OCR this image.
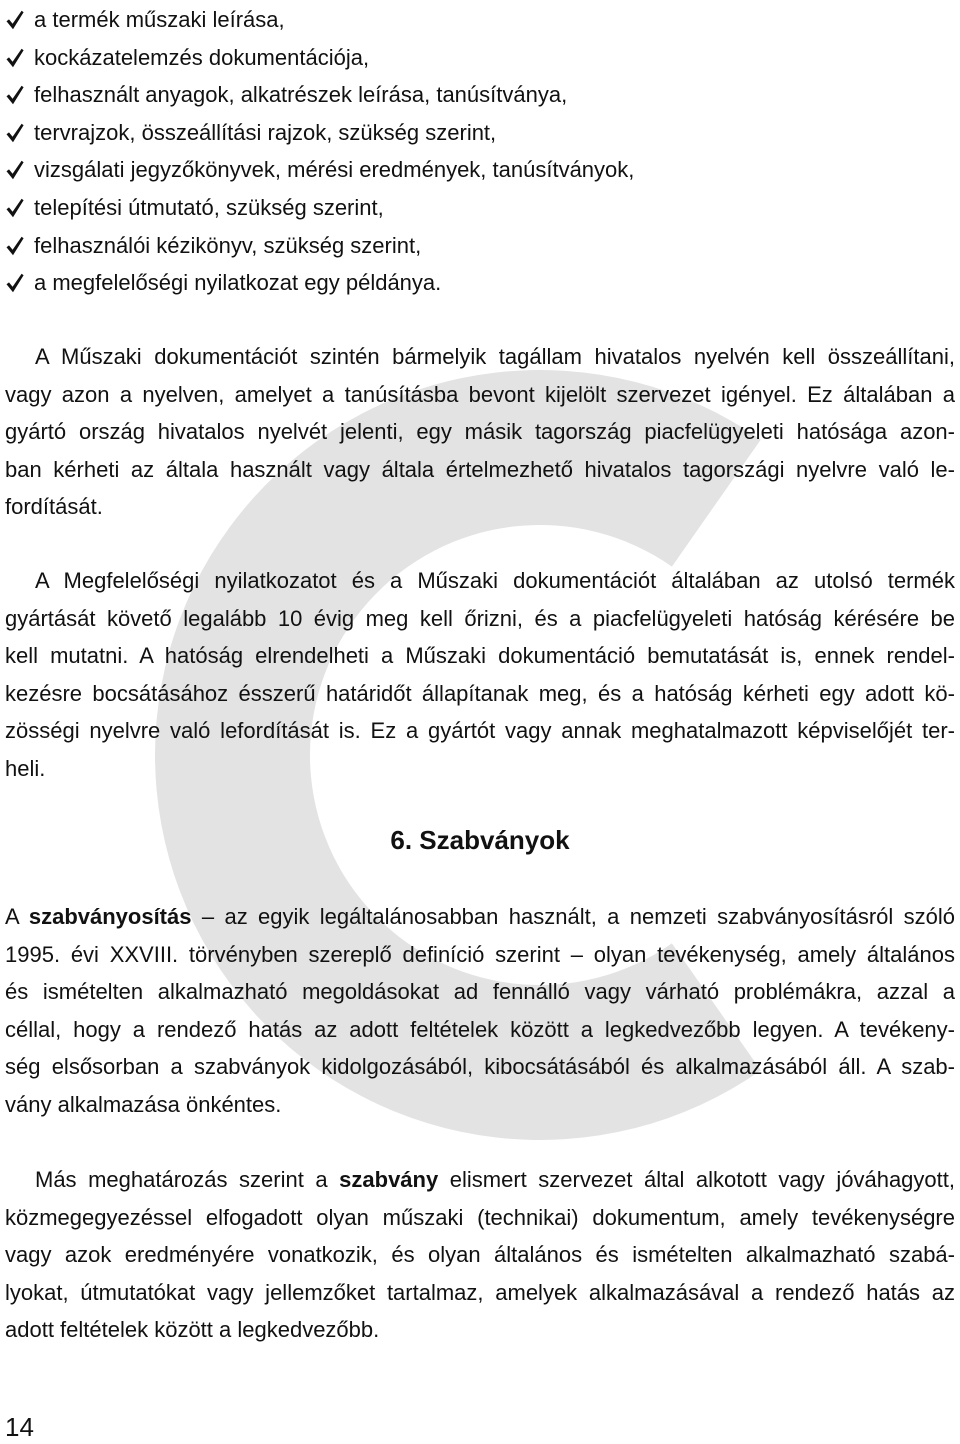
a termék műszaki leírása,
kockázatelemzés dokumentációja,
felhasznált anyagok, alkatrészek leírása, tanúsítványa,
tervrajzok, összeállítási rajzok, szükség szerint,
vizsgálati jegyzőkönyvek, mérési eredmények, tanúsítványok,
telepítési útmutató, szükség szerint,
felhasználói kézikönyv, szükség szerint,
a megfelelőségi nyilatkozat egy példánya.
A Műszaki dokumentációt szintén bármelyik tagállam hivatalos nyelvén kell összeállítani,
vagy azon a nyelven, amelyet a tanúsításba bevont kijelölt szervezet igényel. Ez általában a
gyártó ország hivatalos nyelvét jelenti, egy másik tagország piacfelügyeleti hatósága azon-
ban kérheti az általa használt vagy általa értelmezhető hivatalos tagországi nyelvre való le-
fordítását.
A Megfelelőségi nyilatkozatot és a Műszaki dokumentációt általában az utolsó termék
gyártását követő legalább 10 évig meg kell őrizni, és a piacfelügyeleti hatóság kérésére be
kell mutatni. A hatóság elrendelheti a Műszaki dokumentáció bemutatását is, ennek rendel-
kezésre bocsátásához ésszerű határidőt állapítanak meg, és a hatóság kérheti egy adott kö-
zösségi nyelvre való lefordítását is. Ez a gyártót vagy annak meghatalmazott képviselőjét ter-
heli.
6. Szabványok
A szabványosítás – az egyik legáltalánosabban használt, a nemzeti szabványosításról szóló
1995. évi XXVIII. törvényben szereplő definíció szerint – olyan tevékenység, amely általános
és ismételten alkalmazható megoldásokat ad fennálló vagy várható problémákra, azzal a
céllal, hogy a rendező hatás az adott feltételek között a legkedvezőbb legyen. A tevékeny-
ség elsősorban a szabványok kidolgozásából, kibocsátásából és alkalmazásából áll. A szab-
vány alkalmazása önkéntes.
Más meghatározás szerint a szabvány elismert szervezet által alkotott vagy jóváhagyott,
közmegegyezéssel elfogadott olyan műszaki (technikai) dokumentum, amely tevékenységre
vagy azok eredményére vonatkozik, és olyan általános és ismételten alkalmazható szabá-
lyokat, útmutatókat vagy jellemzőket tartalmaz, amelyek alkalmazásával a rendező hatás az
adott feltételek között a legkedvezőbb.
14
